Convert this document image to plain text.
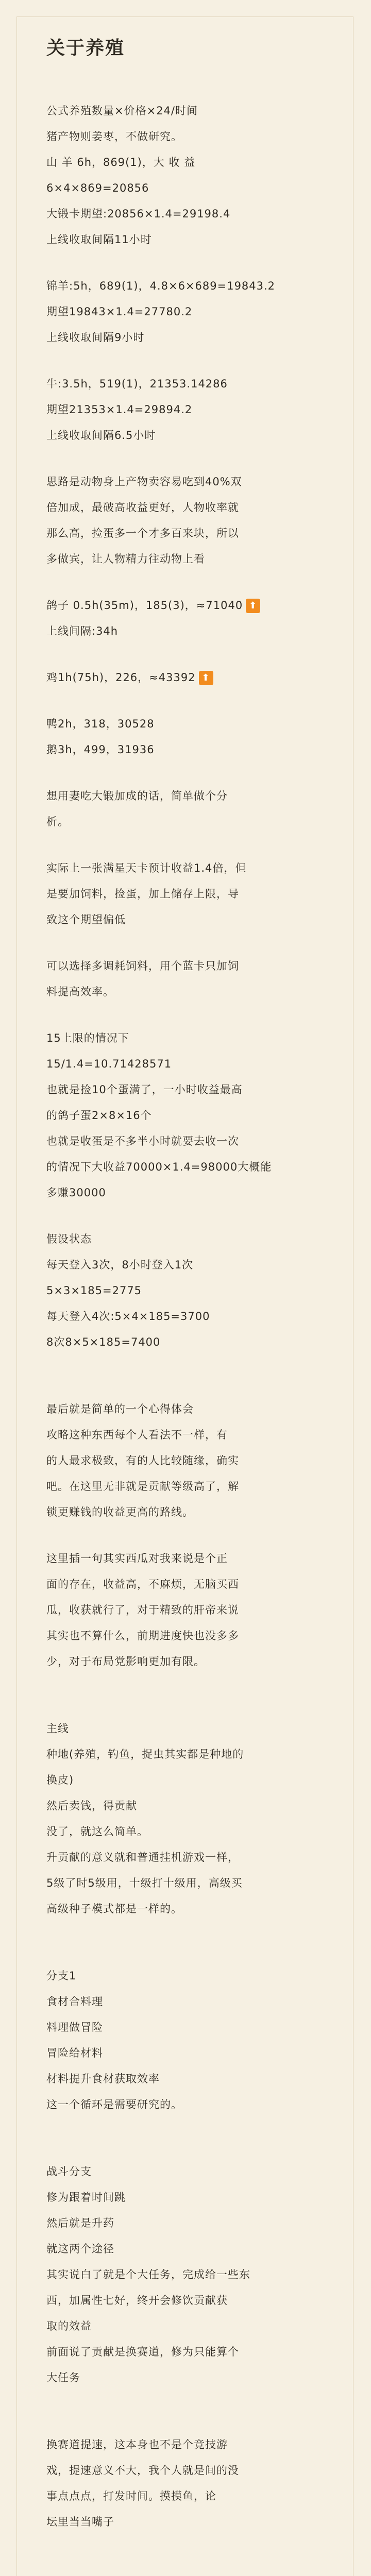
关于养殖

公式养殖数量×价格×24/时间

猪产物则姜枣，不做研究。

山 羊 6h，869(1)，大 收 益

6×4×869=20856

大锻卡期望:20856×1.4=29198.4

上线收取间隔11小时

锦羊:5h，689(1)，4.8×6×689=19843.2

期望19843×1.4=27780.2

上线收取间隔9小时

牛:3.5h，519(1)，21353.14286

期望21353×1.4=29894.2

上线收取间隔6.5小时

思路是动物身上产物卖容易吃到40%双

倍加成，最破高收益更好，人物收率就

那么高，捡蛋多一个才多百来块，所以

多做宾，让人物精力往动物上看

鸽子 0.5h(35m)，185(3)，≈71040 ⬆

上线间隔:34h

鸡1h(75h)，226，≈43392 ⬆

鸭2h，318，30528

鹅3h，499，31936

想用妻吃大锻加成的话，简单做个分

析。

实际上一张满星天卡预计收益1.4倍，但

是要加饲料，捡蛋，加上储存上限，导

致这个期望偏低

可以选择多调耗饲料，用个蓝卡只加饲

料提高效率。

15上限的情况下

15/1.4=10.71428571

也就是捡10个蛋满了，一小时收益最高

的鸽子蛋2×8×16个

也就是收蛋是不多半小时就要去收一次

的情况下大收益70000×1.4=98000大概能

多赚30000

假设状态

每天登入3次，8小时登入1次

5×3×185=2775

每天登入4次:5×4×185=3700

8次8×5×185=7400

最后就是简单的一个心得体会

攻略这种东西每个人看法不一样，有

的人最求极致，有的人比较随缘，确实

吧。在这里无非就是贡献等级高了，解

锁更赚钱的收益更高的路线。

这里插一句其实西瓜对我来说是个正

面的存在，收益高，不麻烦，无脑买西

瓜，收获就行了，对于精致的肝帝来说

其实也不算什么，前期进度快也没多多

少，对于布局党影响更加有限。

主线

种地(养殖，钓鱼，捉虫其实都是种地的

换皮)

然后卖钱，得贡献

没了，就这么简单。

升贡献的意义就和普通挂机游戏一样，

5级了时5级用，十级打十级用，高级买

高级种子模式都是一样的。

分支1

食材合料理

料理做冒险

冒险给材料

材料提升食材获取效率

这一个循环是需要研究的。

战斗分支

修为跟着时间跳

然后就是升药

就这两个途径

其实说白了就是个大任务，完成给一些东

西，加属性七好，终开会修饮贡献获

取的效益

前面说了贡献是换赛道，修为只能算个

大任务

换赛道提速，这本身也不是个竞技游

戏，提速意义不大，我个人就是间的没

事点点点，打发时间。摸摸鱼，论

坛里当当嘴子
